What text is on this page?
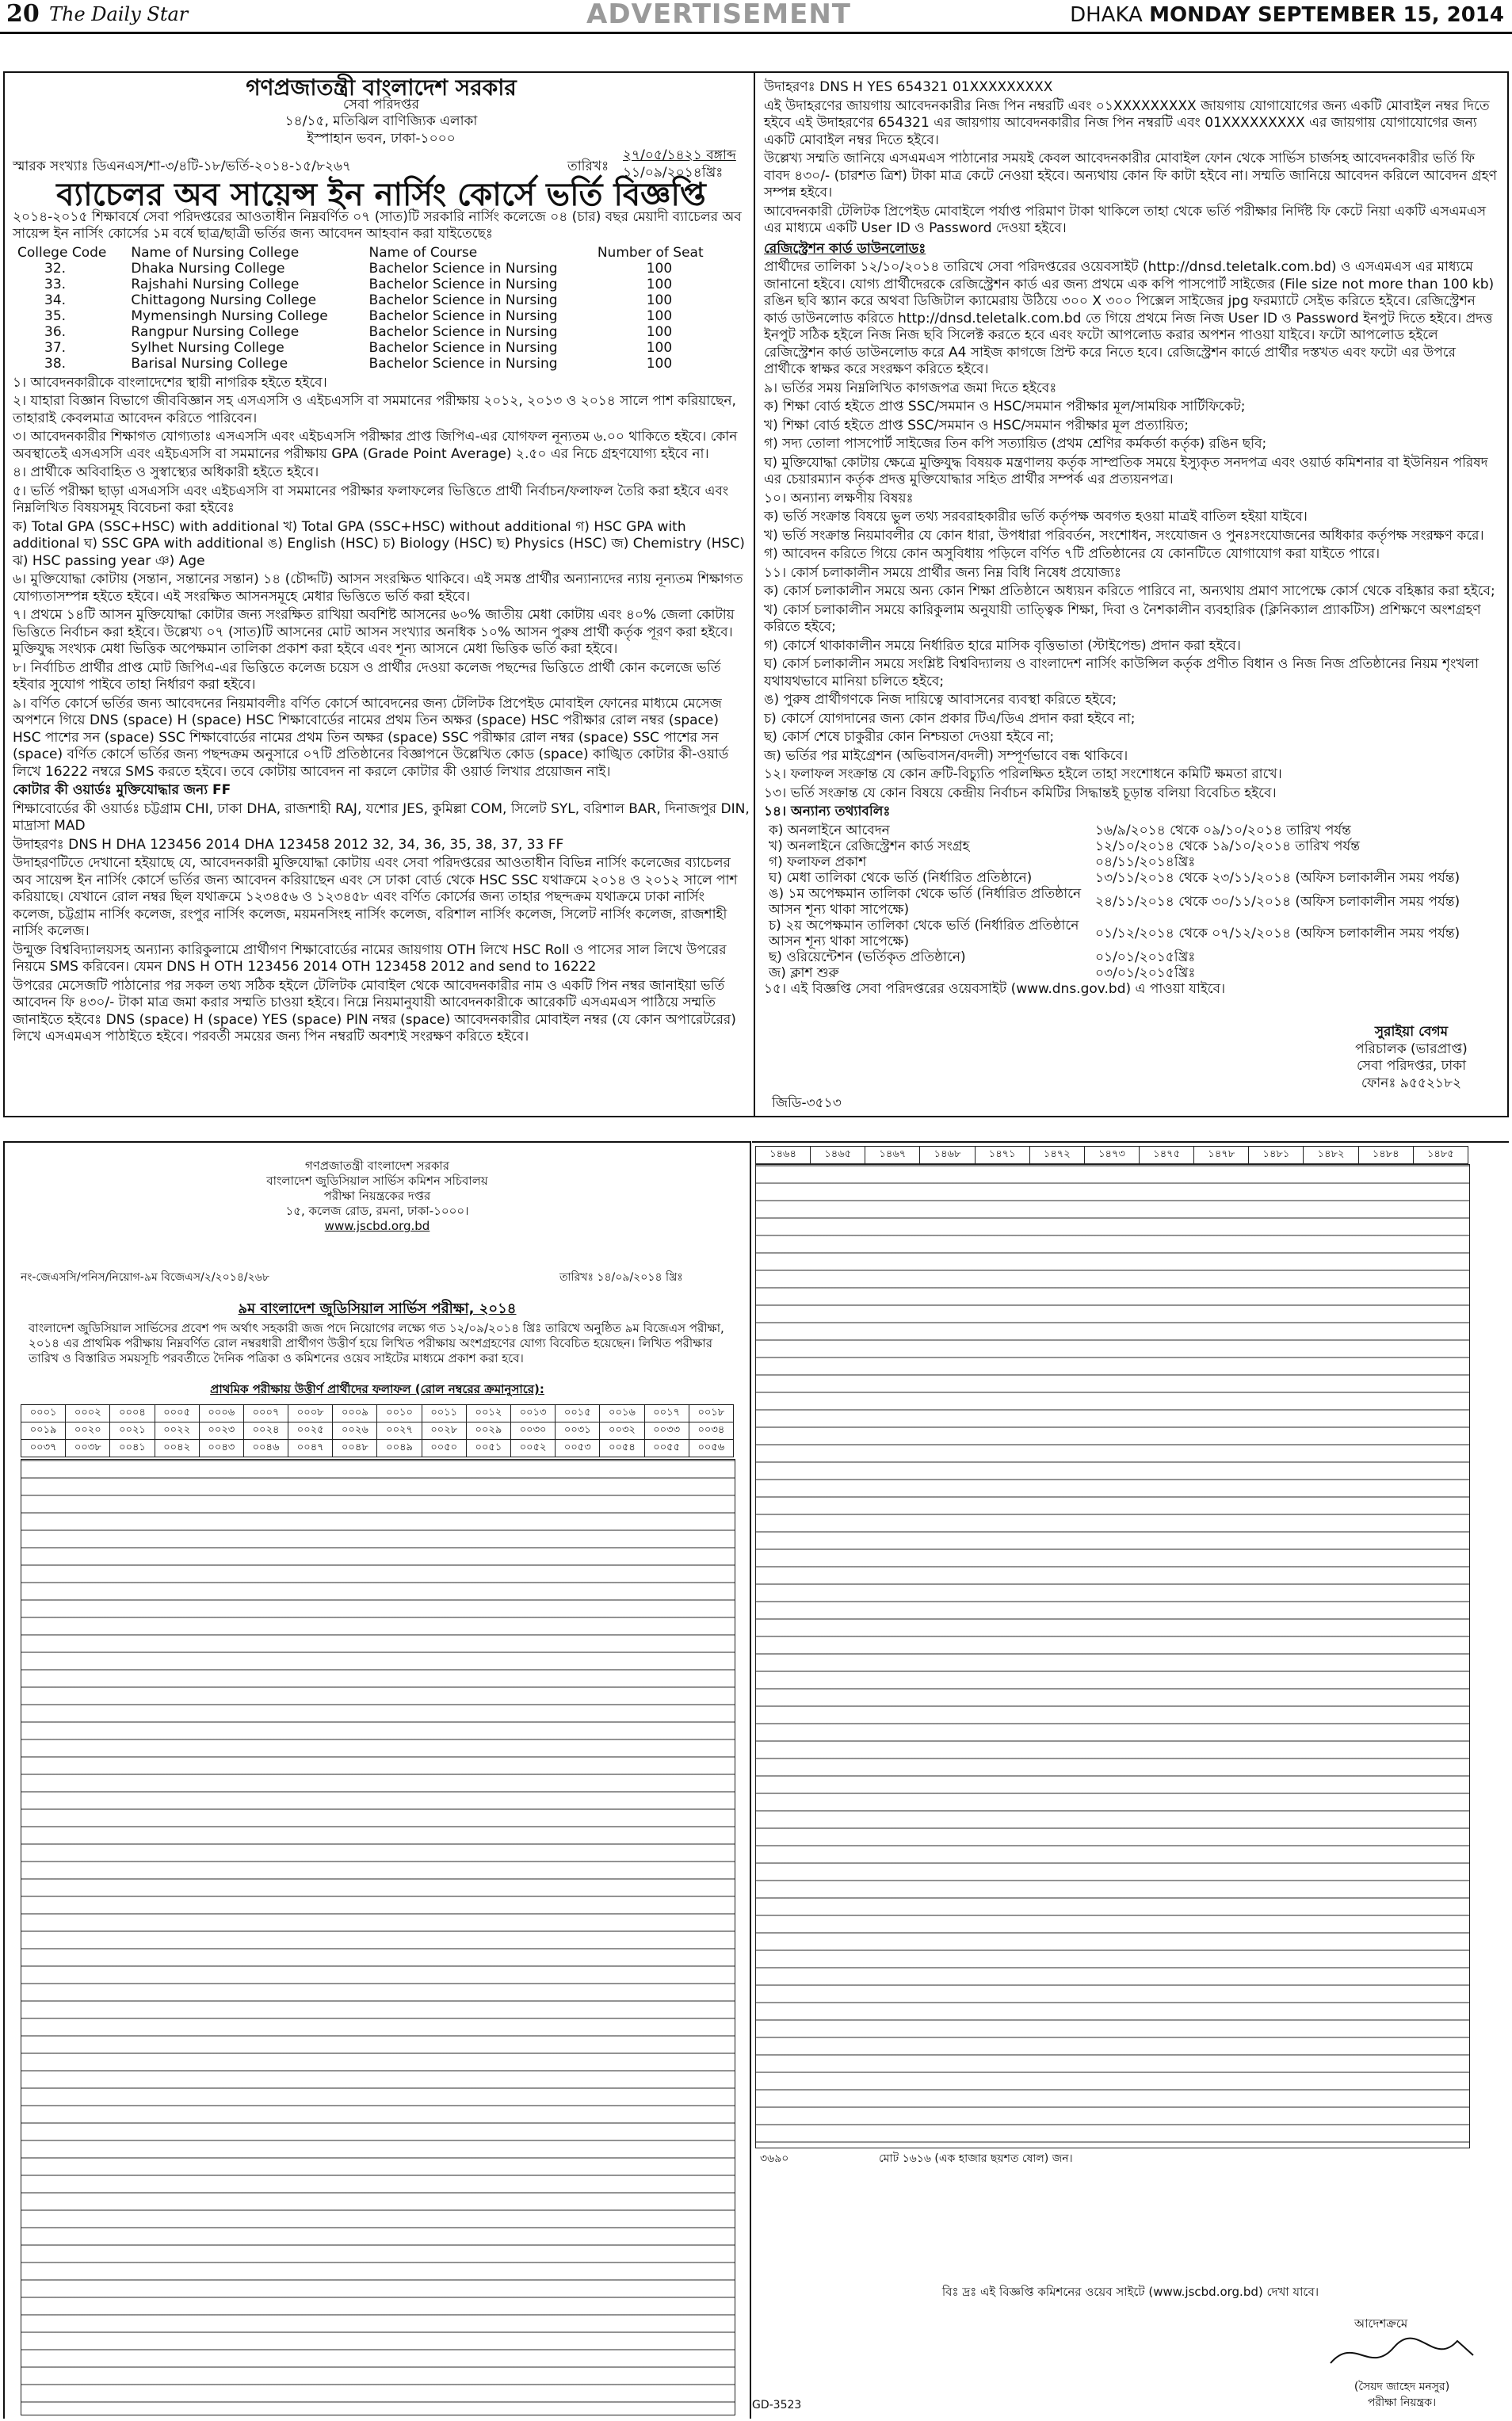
20 The Daily Star	ADVERTISEMENT	DHAKA MONDAY SEPTEMBER 15, 2014
গণপ্রজাতন্ত্রী বাংলাদেশ সরকার
সেবা পরিদপ্তর
১৪/১৫, মতিঝিল বাণিজ্যিক এলাকা
ইস্পাহান ভবন, ঢাকা-১০০০
স্মারক সংখ্যাঃ ডিএনএস/শা-৩/৪টি-১৮/ভর্তি-২০১৪-১৫/৮২৬৭	তারিখঃ
২৭/০৫/১৪২১ বঙ্গাব্দ
১১/০৯/২০১৪খ্রিঃ
ব্যাচেলর অব সায়েন্স ইন নার্সিং কোর্সে ভর্তি বিজ্ঞপ্তি

২০১৪-২০১৫ শিক্ষাবর্ষে সেবা পরিদপ্তরের আওতাধীন নিম্নবর্ণিত ০৭ (সাত)টি সরকারি নার্সিং কলেজে ০৪ (চার) বছর মেয়াদী ব্যাচেলর অব সায়েন্স ইন নার্সিং কোর্সের ১ম বর্ষে ছাত্র/ছাত্রী ভর্তির জন্য আবেদন আহবান করা যাইতেছেঃ

College Code	Name of Nursing College	Name of Course	Number of Seat
32.	Dhaka Nursing College	Bachelor Science in Nursing	100
33.	Rajshahi Nursing College	Bachelor Science in Nursing	100
34.	Chittagong Nursing College	Bachelor Science in Nursing	100
35.	Mymensingh Nursing College	Bachelor Science in Nursing	100
36.	Rangpur Nursing College	Bachelor Science in Nursing	100
37.	Sylhet Nursing College	Bachelor Science in Nursing	100
38.	Barisal Nursing College	Bachelor Science in Nursing	100

১। আবেদনকারীকে বাংলাদেশের স্থায়ী নাগরিক হইতে হইবে।

২। যাহারা বিজ্ঞান বিভাগে জীববিজ্ঞান সহ এসএসসি ও এইচএসসি বা সমমানের পরীক্ষায় ২০১২, ২০১৩ ও ২০১৪ সালে পাশ করিয়াছেন, তাহারাই কেবলমাত্র আবেদন করিতে পারিবেন।

৩। আবেদনকারীর শিক্ষাগত যোগ্যতাঃ এসএসসি এবং এইচএসসি পরীক্ষার প্রাপ্ত জিপিএ-এর যোগফল নূন্যতম ৬.০০ থাকিতে হইবে। কোন অবস্থাতেই এসএসসি এবং এইচএসসি বা সমমানের পরীক্ষায় GPA (Grade Point Average) ২.৫০ এর নিচে গ্রহণযোগ্য হইবে না।

৪। প্রার্থীকে অবিবাহিত ও সুস্বাস্থ্যের অধিকারী হইতে হইবে।

৫। ভর্তি পরীক্ষা ছাড়া এসএসসি এবং এইচএসসি বা সমমানের পরীক্ষার ফলাফলের ভিত্তিতে প্রার্থী নির্বাচন/ফলাফল তৈরি করা হইবে এবং নিম্নলিখিত বিষয়সমূহ বিবেচনা করা হইবেঃ

ক) Total GPA (SSC+HSC) with additional খ) Total GPA (SSC+HSC) without additional গ) HSC GPA with additional ঘ) SSC GPA with additional ঙ) English (HSC) চ) Biology (HSC) ছ) Physics (HSC) জ) Chemistry (HSC) ঝ) HSC passing year ঞ) Age

৬। মুক্তিযোদ্ধা কোটায় (সন্তান, সন্তানের সন্তান) ১৪ (চৌদ্দটি) আসন সংরক্ষিত থাকিবে। এই সমস্ত প্রার্থীর অন্যান্যদের ন্যায় নূন্যতম শিক্ষাগত যোগ্যতাসম্পন্ন হইতে হইবে। এই সংরক্ষিত আসনসমূহে মেধার ভিত্তিতে ভর্তি করা হইবে।

৭। প্রথমে ১৪টি আসন মুক্তিযোদ্ধা কোটার জন্য সংরক্ষিত রাখিয়া অবশিষ্ট আসনের ৬০% জাতীয় মেধা কোটায় এবং ৪০% জেলা কোটায় ভিত্তিতে নির্বাচন করা হইবে। উল্লেখ্য ০৭ (সাত)টি আসনের মোট আসন সংখ্যার অনধিক ১০% আসন পুরুষ প্রার্থী কর্তৃক পূরণ করা হইবে। মুক্তিযুদ্ধ সংখ্যক মেধা ভিত্তিক অপেক্ষমান তালিকা প্রকাশ করা হইবে এবং শূন্য আসনে মেধা ভিত্তিক ভর্তি করা হইবে।

৮। নির্বাচিত প্রার্থীর প্রাপ্ত মোট জিপিএ-এর ভিত্তিতে কলেজ চয়েস ও প্রার্থীর দেওয়া কলেজ পছন্দের ভিত্তিতে প্রার্থী কোন কলেজে ভর্তি হইবার সুযোগ পাইবে তাহা নির্ধারণ করা হইবে।

৯। বর্ণিত কোর্সে ভর্তির জন্য আবেদনের নিয়মাবলীঃ বর্ণিত কোর্সে আবেদনের জন্য টেলিটক প্রিপেইড মোবাইল ফোনের মাধ্যমে মেসেজ অপশনে গিয়ে DNS (space) H (space) HSC শিক্ষাবোর্ডের নামের প্রথম তিন অক্ষর (space) HSC পরীক্ষার রোল নম্বর (space) HSC পাশের সন (space) SSC শিক্ষাবোর্ডের নামের প্রথম তিন অক্ষর (space) SSC পরীক্ষার রোল নম্বর (space) SSC পাশের সন (space) বর্ণিত কোর্সে ভর্তির জন্য পছন্দক্রম অনুসারে ০৭টি প্রতিষ্ঠানের বিজ্ঞাপনে উল্লেখিত কোড (space) কাঙ্খিত কোটার কী-ওয়ার্ড লিখে 16222 নম্বরে SMS করতে হইবে। তবে কোটায় আবেদন না করলে কোটার কী ওয়ার্ড লিখার প্রয়োজন নাই।

কোটার কী ওয়ার্ডঃ মুক্তিযোদ্ধার জন্য FF

শিক্ষাবোর্ডের কী ওয়ার্ডঃ চট্টগ্রাম CHI, ঢাকা DHA, রাজশাহী RAJ, যশোর JES, কুমিল্লা COM, সিলেট SYL, বরিশাল BAR, দিনাজপুর DIN, মাদ্রাসা MAD

উদাহরণঃ DNS H DHA 123456 2014 DHA 123458 2012 32, 34, 36, 35, 38, 37, 33 FF

উদাহরণটিতে দেখানো হইয়াছে যে, আবেদনকারী মুক্তিযোদ্ধা কোটায় এবং সেবা পরিদপ্তরের আওতাধীন বিভিন্ন নার্সিং কলেজের ব্যাচেলর অব সায়েন্স ইন নার্সিং কোর্সে ভর্তির জন্য আবেদন করিয়াছেন এবং সে ঢাকা বোর্ড থেকে HSC SSC যথাক্রমে ২০১৪ ও ২০১২ সালে পাশ করিয়াছে। যেখানে রোল নম্বর ছিল যথাক্রমে ১২৩৪৫৬ ও ১২৩৪৫৮ এবং বর্ণিত কোর্সের জন্য তাহার পছন্দক্রম যথাক্রমে ঢাকা নার্সিং কলেজ, চট্টগ্রাম নার্সিং কলেজ, রংপুর নার্সিং কলেজ, ময়মনসিংহ নার্সিং কলেজ, বরিশাল নার্সিং কলেজ, সিলেট নার্সিং কলেজ, রাজশাহী নার্সিং কলেজ।

উন্মুক্ত বিশ্ববিদ্যালয়সহ অন্যান্য কারিকুলামে প্রার্থীগণ শিক্ষাবোর্ডের নামের জায়গায় OTH লিখে HSC Roll ও পাসের সাল লিখে উপরের নিয়মে SMS করিবেন। যেমন DNS H OTH 123456 2014 OTH 123458 2012 and send to 16222

উপরের মেসেজটি পাঠানোর পর সকল তথ্য সঠিক হইলে টেলিটক মোবাইল থেকে আবেদনকারীর নাম ও একটি পিন নম্বর জানাইয়া ভর্তি আবেদন ফি ৪৩০/- টাকা মাত্র জমা করার সম্মতি চাওয়া হইবে। নিম্নে নিয়মানুযায়ী আবেদনকারীকে আরেকটি এসএমএস পাঠিয়ে সম্মতি জানাইতে হইবেঃ DNS (space) H (space) YES (space) PIN নম্বর (space) আবেদনকারীর মোবাইল নম্বর (যে কোন অপারেটরের) লিখে এসএমএস পাঠাইতে হইবে। পরবর্তী সময়ের জন্য পিন নম্বরটি অবশ্যই সংরক্ষণ করিতে হইবে।

উদাহরণঃ DNS H YES 654321 01XXXXXXXXX

এই উদাহরণের জায়গায় আবেদনকারীর নিজ পিন নম্বরটি এবং ০১XXXXXXXXX জায়গায় যোগাযোগের জন্য একটি মোবাইল নম্বর দিতে হইবে এই উদাহরণের 654321 এর জায়গায় আবেদনকারীর নিজ পিন নম্বরটি এবং 01XXXXXXXXX এর জায়গায় যোগাযোগের জন্য একটি মোবাইল নম্বর দিতে হইবে।

উল্লেখ্য সম্মতি জানিয়ে এসএমএস পাঠানোর সময়ই কেবল আবেদনকারীর মোবাইল ফোন থেকে সার্ভিস চার্জসহ আবেদনকারীর ভর্তি ফি বাবদ ৪৩০/- (চারশত ত্রিশ) টাকা মাত্র কেটে নেওয়া হইবে। অন্যথায় কোন ফি কাটা হইবে না। সম্মতি জানিয়ে আবেদন করিলে আবেদন গ্রহণ সম্পন্ন হইবে।

আবেদনকারী টেলিটক প্রিপেইড মোবাইলে পর্যাপ্ত পরিমাণ টাকা থাকিলে তাহা থেকে ভর্তি পরীক্ষার নির্দিষ্ট ফি কেটে নিয়া একটি এসএমএস এর মাধ্যমে একটি User ID ও Password দেওয়া হইবে।

রেজিস্ট্রেশন কার্ড ডাউনলোডঃ

প্রার্থীদের তালিকা ১২/১০/২০১৪ তারিখে সেবা পরিদপ্তরের ওয়েবসাইট (http://dnsd.teletalk.com.bd) ও এসএমএস এর মাধ্যমে জানানো হইবে। যোগ্য প্রার্থীদেরকে রেজিস্ট্রেশন কার্ড এর জন্য প্রথমে এক কপি পাসপোর্ট সাইজের (File size not more than 100 kb) রঙিন ছবি স্ক্যান করে অথবা ডিজিটাল ক্যামেরায় উঠিয়ে ৩০০ X ৩০০ পিক্সেল সাইজের jpg ফরম্যাটে সেইভ করিতে হইবে। রেজিস্ট্রেশন কার্ড ডাউনলোড করিতে http://dnsd.teletalk.com.bd তে গিয়ে প্রথমে নিজ নিজ User ID ও Password ইনপুট দিতে হইবে। প্রদত্ত ইনপুট সঠিক হইলে নিজ নিজ ছবি সিলেক্ট করতে হবে এবং ফটো আপলোড করার অপশন পাওয়া যাইবে। ফটো আপলোড হইলে রেজিস্ট্রেশন কার্ড ডাউনলোড করে A4 সাইজ কাগজে প্রিন্ট করে নিতে হবে। রেজিস্ট্রেশন কার্ডে প্রার্থীর দস্তখত এবং ফটো এর উপরে প্রার্থীকে স্বাক্ষর করে সংরক্ষণ করিতে হইবে।

৯। ভর্তির সময় নিম্নলিখিত কাগজপত্র জমা দিতে হইবেঃ

ক) শিক্ষা বোর্ড হইতে প্রাপ্ত SSC/সমমান ও HSC/সমমান পরীক্ষার মূল/সাময়িক সার্টিফিকেট;

খ) শিক্ষা বোর্ড হইতে প্রাপ্ত SSC/সমমান ও HSC/সমমান পরীক্ষার মূল প্রত্যায়িত;

গ) সদ্য তোলা পাসপোর্ট সাইজের তিন কপি সত্যায়িত (প্রথম শ্রেণির কর্মকর্তা কর্তৃক) রঙিন ছবি;

ঘ) মুক্তিযোদ্ধা কোটায় ক্ষেত্রে মুক্তিযুদ্ধ বিষয়ক মন্ত্রণালয় কর্তৃক সাম্প্রতিক সময়ে ইস্যুকৃত সনদপত্র এবং ওয়ার্ড কমিশনার বা ইউনিয়ন পরিষদ এর চেয়ারম্যান কর্তৃক প্রদত্ত মুক্তিযোদ্ধার সহিত প্রার্থীর সম্পর্ক এর প্রত্যয়নপত্র।

১০। অন্যান্য লক্ষণীয় বিষয়ঃ

ক) ভর্তি সংক্রান্ত বিষয়ে ভুল তথ্য সরবরাহকারীর ভর্তি কর্তৃপক্ষ অবগত হওয়া মাত্রই বাতিল হইয়া যাইবে।

খ) ভর্তি সংক্রান্ত নিয়মাবলীর যে কোন ধারা, উপধারা পরিবর্তন, সংশোধন, সংযোজন ও পুনঃসংযোজনের অধিকার কর্তৃপক্ষ সংরক্ষণ করে।

গ) আবেদন করিতে গিয়ে কোন অসুবিধায় পড়িলে বর্ণিত ৭টি প্রতিষ্ঠানের যে কোনটিতে যোগাযোগ করা যাইতে পারে।

১১। কোর্স চলাকালীন সময়ে প্রার্থীর জন্য নিম্ন বিধি নিষেধ প্রযোজ্যঃ

ক) কোর্স চলাকালীন সময়ে অন্য কোন শিক্ষা প্রতিষ্ঠানে অধ্যয়ন করিতে পারিবে না, অন্যথায় প্রমাণ সাপেক্ষে কোর্স থেকে বহিষ্কার করা হইবে;

খ) কোর্স চলাকালীন সময়ে কারিকুলাম অনুযায়ী তাত্ত্বিক শিক্ষা, দিবা ও নৈশকালীন ব্যবহারিক (ক্লিনিক্যাল প্র্যাকটিস) প্রশিক্ষণে অংশগ্রহণ করিতে হইবে;

গ) কোর্সে থাকাকালীন সময়ে নির্ধারিত হারে মাসিক বৃত্তিভাতা (স্টাইপেন্ড) প্রদান করা হইবে।

ঘ) কোর্স চলাকালীন সময়ে সংশ্লিষ্ট বিশ্ববিদ্যালয় ও বাংলাদেশ নার্সিং কাউন্সিল কর্তৃক প্রণীত বিধান ও নিজ নিজ প্রতিষ্ঠানের নিয়ম শৃংখলা যথাযথভাবে মানিয়া চলিতে হইবে;

ঙ) পুরুষ প্রার্থীগণকে নিজ দায়িত্বে আবাসনের ব্যবস্থা করিতে হইবে;

চ) কোর্সে যোগদানের জন্য কোন প্রকার টিএ/ডিএ প্রদান করা হইবে না;

ছ) কোর্স শেষে চাকুরীর কোন নিশ্চয়তা দেওয়া হইবে না;

জ) ভর্তির পর মাইগ্রেশন (অভিবাসন/বদলী) সম্পূর্ণভাবে বন্ধ থাকিবে।

১২। ফলাফল সংক্রান্ত যে কোন ক্রটি-বিচ্যুতি পরিলক্ষিত হইলে তাহা সংশোধনে কমিটি ক্ষমতা রাখে।

১৩। ভর্তি সংক্রান্ত যে কোন বিষয়ে কেন্দ্রীয় নির্বাচন কমিটির সিদ্ধান্তই চূড়ান্ত বলিয়া বিবেচিত হইবে।

১৪। অন্যান্য তথ্যাবলিঃ

ক) অনলাইনে আবেদন	১৬/৯/২০১৪ থেকে ০৯/১০/২০১৪ তারিখ পর্যন্ত
খ) অনলাইনে রেজিস্ট্রেশন কার্ড সংগ্রহ	১২/১০/২০১৪ থেকে ১৯/১০/২০১৪ তারিখ পর্যন্ত
গ) ফলাফল প্রকাশ	০৪/১১/২০১৪খ্রিঃ
ঘ) মেধা তালিকা থেকে ভর্তি (নির্ধারিত প্রতিষ্ঠানে)	১৩/১১/২০১৪ থেকে ২৩/১১/২০১৪ (অফিস চলাকালীন সময় পর্যন্ত)
ঙ) ১ম অপেক্ষমান তালিকা থেকে ভর্তি (নির্ধারিত প্রতিষ্ঠানে আসন শূন্য থাকা সাপেক্ষে)	২৪/১১/২০১৪ থেকে ৩০/১১/২০১৪ (অফিস চলাকালীন সময় পর্যন্ত)
চ) ২য় অপেক্ষমান তালিকা থেকে ভর্তি (নির্ধারিত প্রতিষ্ঠানে আসন শূন্য থাকা সাপেক্ষে)	০১/১২/২০১৪ থেকে ০৭/১২/২০১৪ (অফিস চলাকালীন সময় পর্যন্ত)
ছ) ওরিয়েন্টেশন (ভর্তিকৃত প্রতিষ্ঠানে)	০১/০১/২০১৫খ্রিঃ
জ) ক্লাশ শুরু	০৩/০১/২০১৫খ্রিঃ

১৫। এই বিজ্ঞপ্তি সেবা পরিদপ্তরের ওয়েবসাইট (www.dns.gov.bd) এ পাওয়া যাইবে।

সুরাইয়া বেগম
পরিচালক (ভারপ্রাপ্ত)
সেবা পরিদপ্তর, ঢাকা
ফোনঃ ৯৫৫২১৮২
জিডি-৩৫১৩
গণপ্রজাতন্ত্রী বাংলাদেশ সরকার
বাংলাদেশ জুডিসিয়াল সার্ভিস কমিশন সচিবালয়
পরীক্ষা নিয়ন্ত্রকের দপ্তর
১৫, কলেজ রোড, রমনা, ঢাকা-১০০০।
www.jscbd.org.bd
নং-জেএসসি/পনিস/নিয়োগ-৯ম বিজেএস/২/২০১৪/২৬৮	তারিখঃ ১৪/০৯/২০১৪ খ্রিঃ
৯ম বাংলাদেশ জুডিসিয়াল সার্ভিস পরীক্ষা, ২০১৪
বাংলাদেশ জুডিসিয়াল সার্ভিসের প্রবেশ পদ অর্থাৎ সহকারী জজ পদে নিয়োগের লক্ষ্যে গত ১২/০৯/২০১৪ খ্রিঃ তারিখে অনুষ্ঠিত ৯ম বিজেএস পরীক্ষা, ২০১৪ এর প্রাথমিক পরীক্ষায় নিম্নবর্ণিত রোল নম্বরধারী প্রার্থীগণ উত্তীর্ণ হয়ে লিখিত পরীক্ষায় অংশগ্রহণের যোগ্য বিবেচিত হয়েছেন। লিখিত পরীক্ষার তারিখ ও বিস্তারিত সময়সূচি পরবর্তীতে দৈনিক পত্রিকা ও কমিশনের ওয়েব সাইটের মাধ্যমে প্রকাশ করা হবে।
প্রাথমিক পরীক্ষায় উত্তীর্ণ প্রার্থীদের ফলাফল (রোল নম্বরের ক্রমানুসারে):
০০০১	০০০২	০০০৪	০০০৫	০০০৬	০০০৭	০০০৮	০০০৯	০০১০	০০১১	০০১২	০০১৩	০০১৫	০০১৬	০০১৭	০০১৮
০০১৯	০০২০	০০২১	০০২২	০০২৩	০০২৪	০০২৫	০০২৬	০০২৭	০০২৮	০০২৯	০০৩০	০০৩১	০০৩২	০০৩৩	০০৩৪
০০৩৭	০০৩৮	০০৪১	০০৪২	০০৪৩	০০৪৬	০০৪৭	০০৪৮	০০৪৯	০০৫০	০০৫১	০০৫২	০০৫৩	০০৫৪	০০৫৫	০০৫৬
১৪৬৪	১৪৬৫	১৪৬৭	১৪৬৮	১৪৭১	১৪৭২	১৪৭৩	১৪৭৫	১৪৭৮	১৪৮১	১৪৮২	১৪৮৪	১৪৮৫
৩৬৯০	মোট ১৬১৬ (এক হাজার ছয়শত ষোল) জন।
বিঃ দ্রঃ এই বিজ্ঞপ্তি কমিশনের ওয়েব সাইটে (www.jscbd.org.bd) দেখা যাবে।
আদেশক্রমে
(সৈয়দ জাহেদ মনসুর)
পরীক্ষা নিয়ন্ত্রক।
GD-3523
